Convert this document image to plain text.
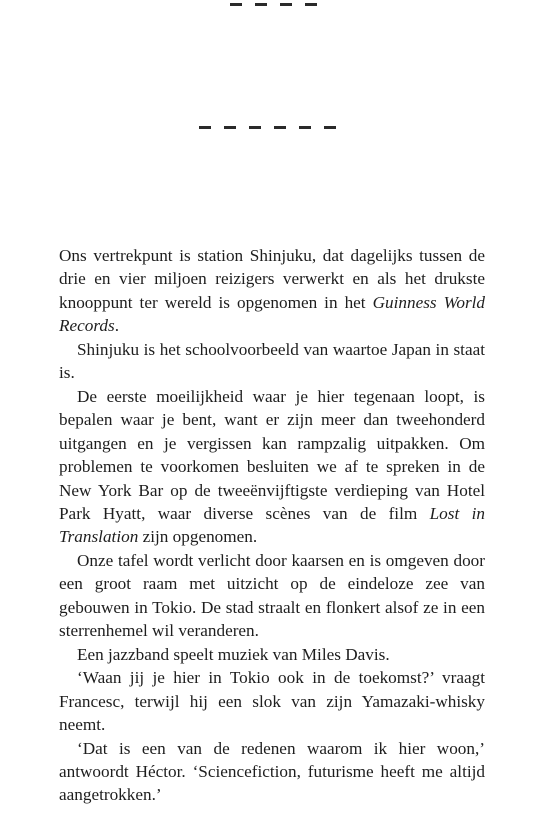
Ons vertrekpunt is station Shinjuku, dat dagelijks tussen de drie en vier miljoen reizigers verwerkt en als het drukste knooppunt ter wereld is opgenomen in het Guinness World Records.

Shinjuku is het schoolvoorbeeld van waartoe Japan in staat is.

De eerste moeilijkheid waar je hier tegenaan loopt, is bepalen waar je bent, want er zijn meer dan tweehonderd uitgangen en je vergissen kan rampzalig uitpakken. Om problemen te voorkomen besluiten we af te spreken in de New York Bar op de tweeënvijftigste verdieping van Hotel Park Hyatt, waar diverse scènes van de film Lost in Translation zijn opgenomen.

Onze tafel wordt verlicht door kaarsen en is omgeven door een groot raam met uitzicht op de eindeloze zee van gebouwen in Tokio. De stad straalt en flonkert alsof ze in een sterrenhemel wil veranderen.

Een jazzband speelt muziek van Miles Davis.

‘Waan jij je hier in Tokio ook in de toekomst?’ vraagt Francesc, terwijl hij een slok van zijn Yamazaki-whisky neemt.

‘Dat is een van de redenen waarom ik hier woon,’ antwoordt Héctor. ‘Sciencefiction, futurisme heeft me altijd aangetrokken.’
